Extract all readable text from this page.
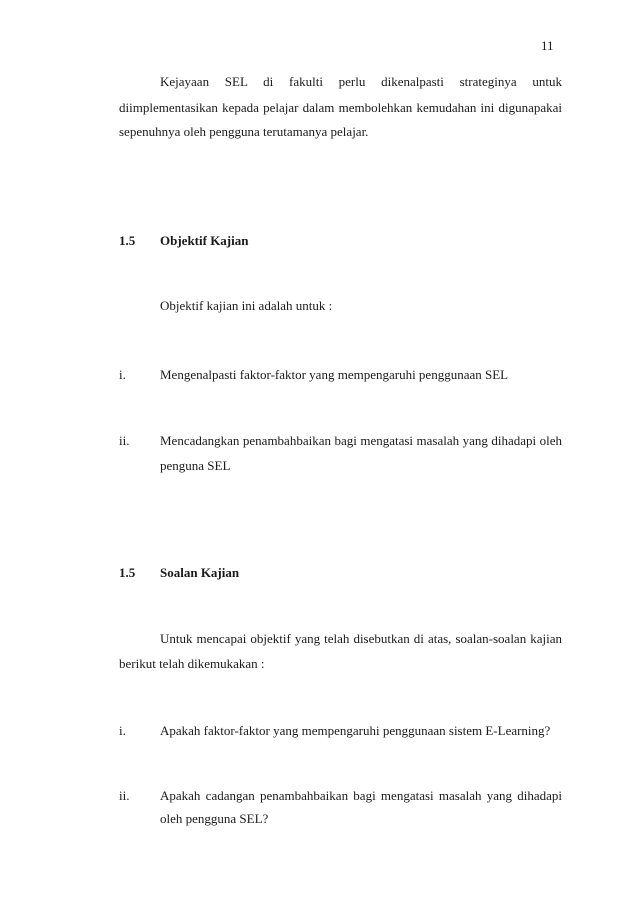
11
Kejayaan SEL di fakulti perlu dikenalpasti strateginya untuk
diimplementasikan kepada pelajar dalam membolehkan kemudahan ini digunapakai
sepenuhnya oleh pengguna terutamanya pelajar.
1.5 Objektif Kajian
Objektif kajian ini adalah untuk :
i.	Mengenalpasti faktor-faktor yang mempengaruhi penggunaan SEL
ii. Mencadangkan penambahbaikan bagi mengatasi masalah yang dihadapi oleh
penguna SEL
1.5 Soalan Kajian
Untuk mencapai objektif yang telah disebutkan di atas, soalan-soalan kajian
berikut telah dikemukakan :
i.	Apakah faktor-faktor yang mempengaruhi penggunaan sistem E-Learning?
ii. Apakah cadangan penambahbaikan bagi mengatasi masalah yang dihadapi
oleh pengguna SEL?
